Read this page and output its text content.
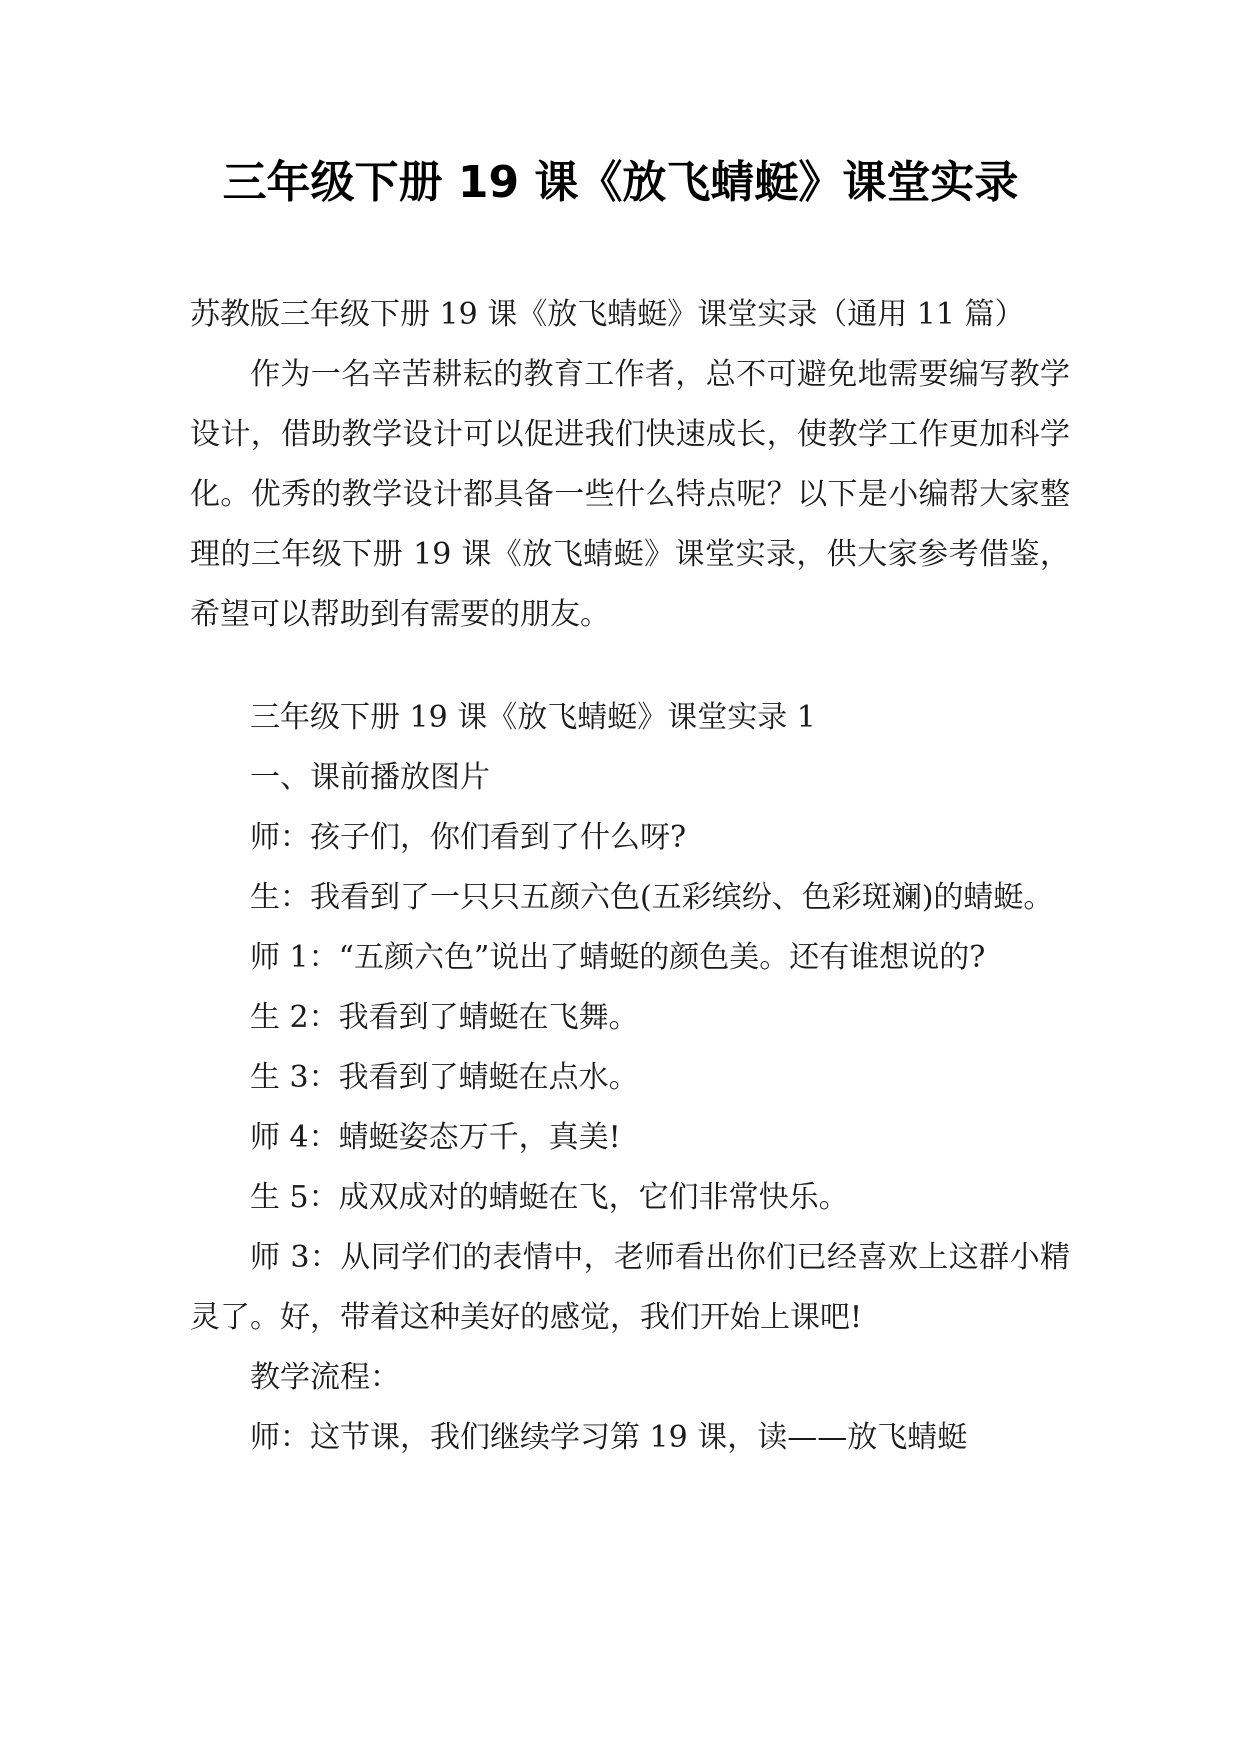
三年级下册 19 课《放飞蜻蜓》课堂实录

苏教版三年级下册 19 课《放飞蜻蜓》课堂实录（通用 11 篇）

作为一名辛苦耕耘的教育工作者，总不可避免地需要编写教学设计，借助教学设计可以促进我们快速成长，使教学工作更加科学化。优秀的教学设计都具备一些什么特点呢？以下是小编帮大家整理的三年级下册 19 课《放飞蜻蜓》课堂实录，供大家参考借鉴，希望可以帮助到有需要的朋友。

三年级下册 19 课《放飞蜻蜓》课堂实录 1

一、课前播放图片

师：孩子们，你们看到了什么呀?

生：我看到了一只只五颜六色(五彩缤纷、色彩斑斓)的蜻蜓。

师 1：“五颜六色”说出了蜻蜓的颜色美。还有谁想说的?

生 2：我看到了蜻蜓在飞舞。

生 3：我看到了蜻蜓在点水。

师 4：蜻蜓姿态万千，真美!

生 5：成双成对的蜻蜓在飞，它们非常快乐。

师 3：从同学们的表情中，老师看出你们已经喜欢上这群小精灵了。好，带着这种美好的感觉，我们开始上课吧!

教学流程：

师：这节课，我们继续学习第 19 课，读——放飞蜻蜓
